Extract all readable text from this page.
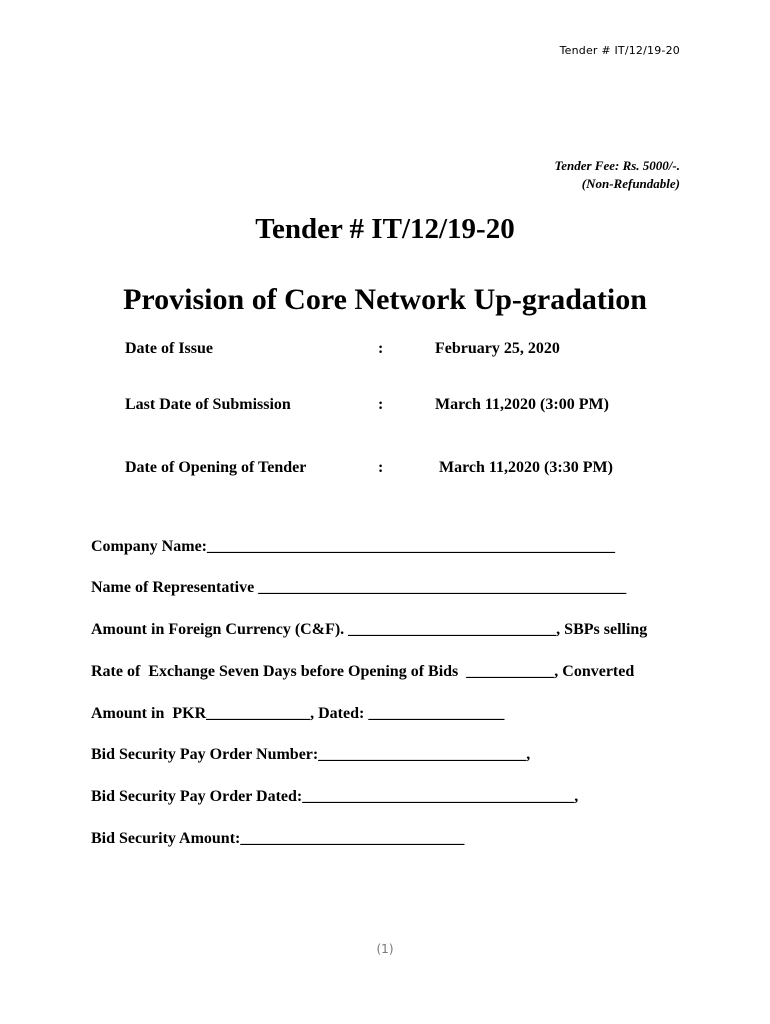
Tender # IT/12/19-20
Tender Fee: Rs. 5000/-.
(Non-Refundable)
Tender # IT/12/19-20
Provision of Core Network Up-gradation
Date of Issue	:	February 25, 2020
Last Date of Submission	:	March 11,2020 (3:00 PM)
Date of Opening of Tender	:	March 11,2020 (3:30 PM)
Company Name:___________________________________________________
Name of Representative ______________________________________________
Amount in Foreign Currency (C&F). __________________________, SBPs selling
Rate of  Exchange Seven Days before Opening of Bids  ___________, Converted
Amount in  PKR_____________, Dated: _________________
Bid Security Pay Order Number:__________________________,
Bid Security Pay Order Dated:__________________________________,
Bid Security Amount:____________________________
(1)
